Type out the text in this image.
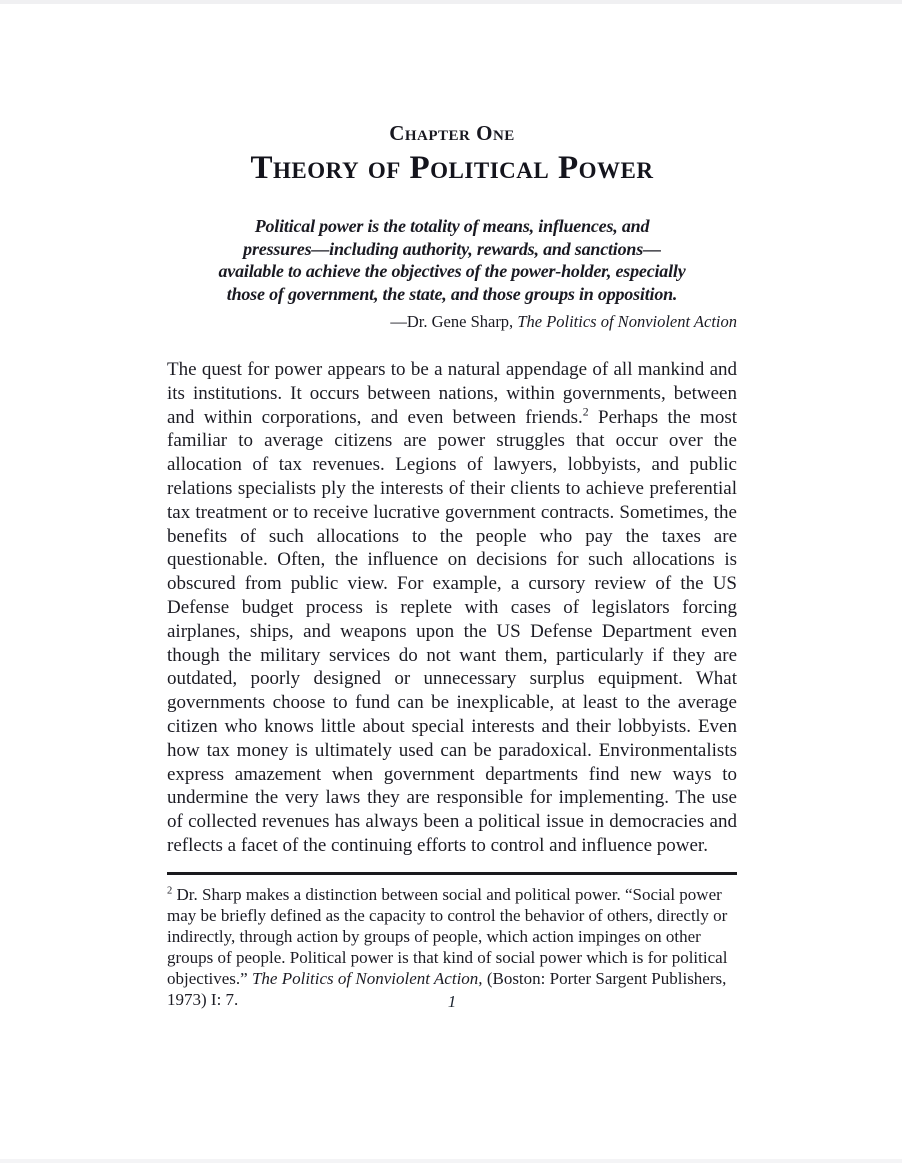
Chapter One
Theory of Political Power
Political power is the totality of means, influences, and
pressures—including authority, rewards, and sanctions—
available to achieve the objectives of the power-holder, especially
those of government, the state, and those groups in opposition.
—Dr. Gene Sharp, The Politics of Nonviolent Action

The quest for power appears to be a natural appendage of all mankind and its institutions. It occurs between nations, within governments, between and within corporations, and even between friends.$^2$ Perhaps the most familiar to average citizens are power struggles that occur over the allocation of tax revenues. Legions of lawyers, lobbyists, and public relations specialists ply the interests of their clients to achieve preferential tax treatment or to receive lucrative government contracts. Sometimes, the benefits of such allocations to the people who pay the taxes are questionable. Often, the influence on decisions for such allocations is obscured from public view. For example, a cursory review of the US Defense budget process is replete with cases of legislators forcing airplanes, ships, and weapons upon the US Defense Department even though the military services do not want them, particularly if they are outdated, poorly designed or unnecessary surplus equipment. What governments choose to fund can be inexplicable, at least to the average citizen who knows little about special interests and their lobbyists. Even how tax money is ultimately used can be paradoxical. Environmentalists express amazement when government departments find new ways to undermine the very laws they are responsible for implementing. The use of collected revenues has always been a political issue in democracies and reflects a facet of the continuing efforts to control and influence power.

$^2$ Dr. Sharp makes a distinction between social and political power. “Social power may be briefly defined as the capacity to control the behavior of others, directly or indirectly, through action by groups of people, which action impinges on other groups of people. Political power is that kind of social power which is for political objectives.” The Politics of Nonviolent Action, (Boston: Porter Sargent Publishers, 1973) I: 7.	1
